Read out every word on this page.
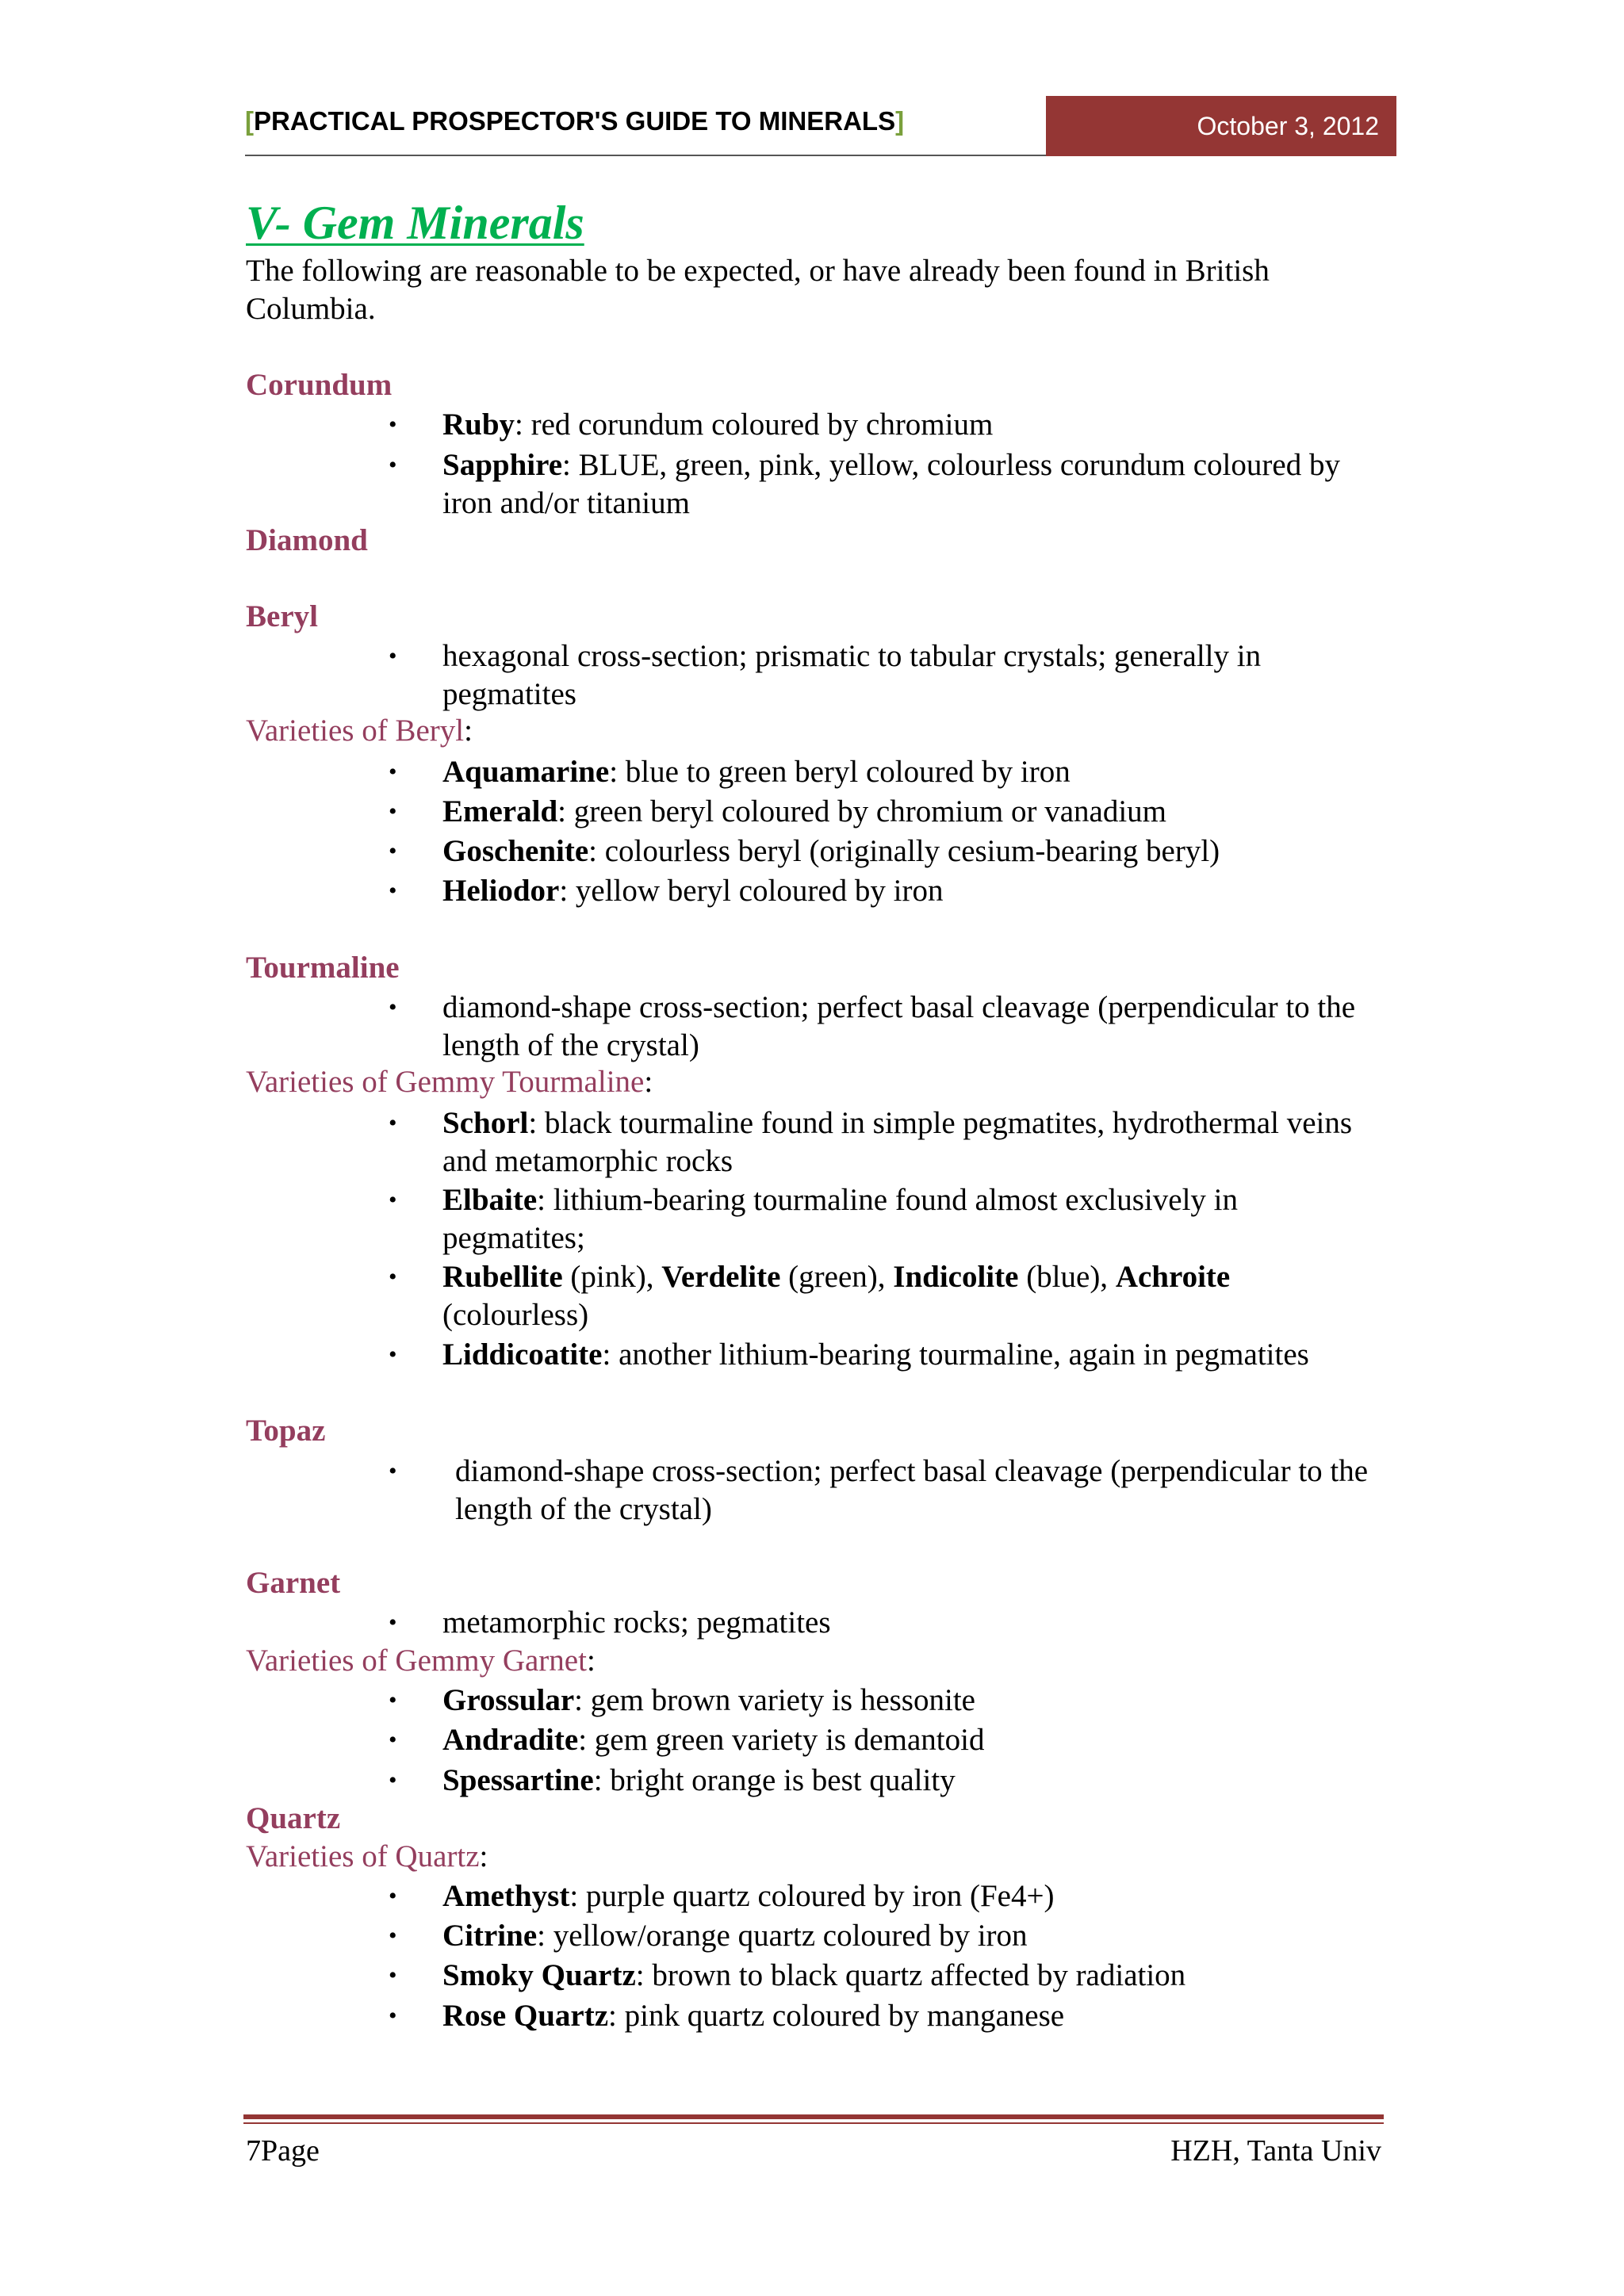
[PRACTICAL PROSPECTOR'S GUIDE TO MINERALS]	October 3, 2012
V- Gem Minerals
The following are reasonable to be expected, or have already been found in British Columbia.
Corundum
•	Ruby: red corundum coloured by chromium
•	Sapphire: BLUE, green, pink, yellow, colourless corundum coloured by iron and/or titanium
Diamond
Beryl
•	hexagonal cross-section; prismatic to tabular crystals; generally in pegmatites
Varieties of Beryl:
•	Aquamarine: blue to green beryl coloured by iron
•	Emerald: green beryl coloured by chromium or vanadium
•	Goschenite: colourless beryl (originally cesium-bearing beryl)
•	Heliodor: yellow beryl coloured by iron
Tourmaline
•	diamond-shape cross-section; perfect basal cleavage (perpendicular to the length of the crystal)
Varieties of Gemmy Tourmaline:
•	Schorl: black tourmaline found in simple pegmatites, hydrothermal veins and metamorphic rocks
•	Elbaite: lithium-bearing tourmaline found almost exclusively in pegmatites;
•	Rubellite (pink), Verdelite (green), Indicolite (blue), Achroite (colourless)
•	Liddicoatite: another lithium-bearing tourmaline, again in pegmatites
Topaz
•	diamond-shape cross-section; perfect basal cleavage (perpendicular to the length of the crystal)
Garnet
•	metamorphic rocks; pegmatites
Varieties of Gemmy Garnet:
•	Grossular: gem brown variety is hessonite
•	Andradite: gem green variety is demantoid
•	Spessartine: bright orange is best quality
Quartz
Varieties of Quartz:
•	Amethyst: purple quartz coloured by iron (Fe4+)
•	Citrine: yellow/orange quartz coloured by iron
•	Smoky Quartz: brown to black quartz affected by radiation
•	Rose Quartz: pink quartz coloured by manganese
7Page	HZH, Tanta Univ
